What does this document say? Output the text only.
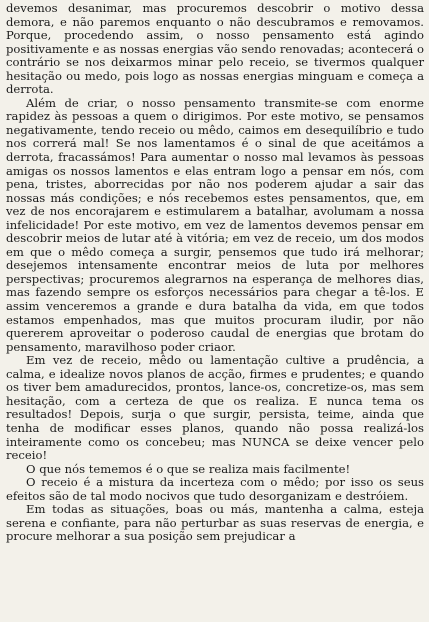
devemos desanimar, mas procuremos descobrir o motivo dessa demora, e não paremos enquanto o não descubramos e removamos. Porque, procedendo assim, o nosso pensamento está agindo positivamente e as nossas energias vão sendo renovadas; acontecerá o contrário se nos deixarmos minar pelo receio, se tivermos qualquer hesitação ou medo, pois logo as nossas energias minguam e começa a derrota.

Além de criar, o nosso pensamento transmite-se com enorme rapidez às pessoas a quem o dirigimos. Por este motivo, se pensamos negativamente, tendo receio ou mêdo, caimos em desequilíbrio e tudo nos correrá mal! Se nos lamentamos é o sinal de que aceitámos a derrota, fracassámos! Para aumentar o nosso mal levamos às pessoas amigas os nossos lamentos e elas entram logo a pensar em nós, com pena, tristes, aborrecidas por não nos poderem ajudar a sair das nossas más condições; e nós recebemos estes pensamentos, que, em vez de nos encorajarem e estimularem a batalhar, avolumam a nossa infelicidade! Por este motivo, em vez de lamentos devemos pensar em descobrir meios de lutar até à vitória; em vez de receio, um dos modos em que o mêdo começa a surgir, pensemos que tudo irá melhorar; desejemos intensamente encontrar meios de luta por melhores perspectivas; procuremos alegrarnos na esperança de melhores dias, mas fazendo sempre os esforços necessários para chegar a tê-los. E assim venceremos a grande e dura batalha da vida, em que todos estamos empenhados, mas que muitos procuram iludir, por não quererem aproveitar o poderoso caudal de energias que brotam do pensamento, maravilhoso poder criaor.

Em vez de receio, mêdo ou lamentação cultive a prudência, a calma, e idealize novos planos de acção, firmes e prudentes; e quando os tiver bem amadurecidos, prontos, lance-os, concretize-os, mas sem hesitação, com a certeza de que os realiza. E nunca tema os resultados! Depois, surja o que surgir, persista, teime, ainda que tenha de modificar esses planos, quando não possa realizá-los inteiramente como os concebeu; mas NUNCA se deixe vencer pelo receio!

O que nós tememos é o que se realiza mais facilmente!

O receio é a mistura da incerteza com o mêdo; por isso os seus efeitos são de tal modo nocivos que tudo desorganizam e destróiem.

Em todas as situações, boas ou más, mantenha a calma, esteja serena e confiante, para não perturbar as suas reservas de energia, e procure melhorar a sua posição sem prejudicar a
